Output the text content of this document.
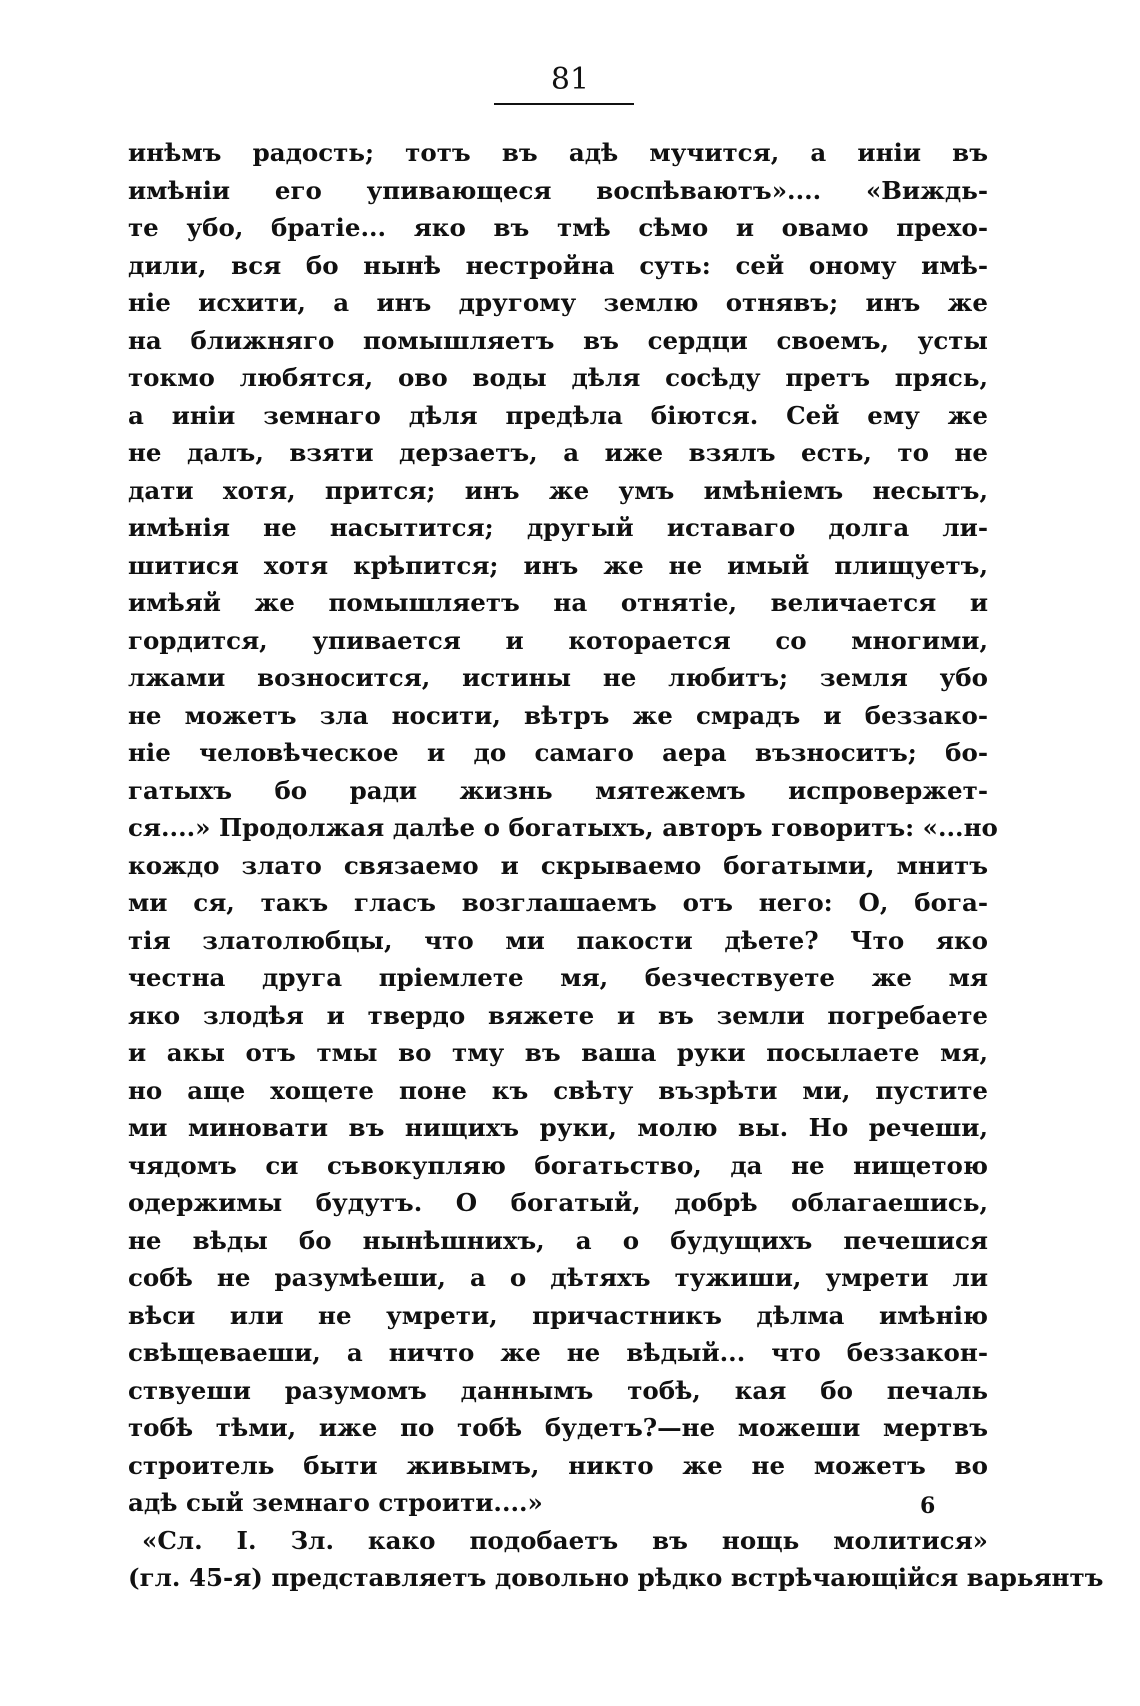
81
инѣмъ радость; тотъ въ адѣ мучится, а иніи въ
имѣніи его упивающеся воспѣваютъ».... «Виждь-
те убо, братіе... яко въ тмѣ сѣмо и овамо прехо-
дили, вся бо нынѣ нестройна суть: сей оному имѣ-
ніе исхити, а инъ другому землю отнявъ; инъ же
на ближняго помышляетъ въ сердци своемъ, усты
токмо любятся, ово воды дѣля сосѣду претъ прясь,
а иніи земнаго дѣля предѣла біются. Сей ему же
не далъ, взяти дерзаетъ, а иже взялъ есть, то не
дати хотя, прится; инъ же умъ имѣніемъ несытъ,
имѣнія не насытится; другый иставаго долга ли-
шитися хотя крѣпится; инъ же не имый плищуетъ,
имѣяй же помышляетъ на отнятіе, величается и
гордится, упивается и которается со многими,
лжами возносится, истины не любитъ; земля убо
не можетъ зла носити, вѣтръ же смрадъ и беззако-
ніе человѣческое и до самаго аера възноситъ; бо-
гатыхъ бо ради жизнь мятежемъ испровержет-
ся....» Продолжая далѣе о богатыхъ, авторъ говоритъ: «...но
кождо злато связаемо и скрываемо богатыми, мнитъ
ми ся, такъ гласъ возглашаемъ отъ него: О, бога-
тія златолюбцы, что ми пакости дѣете? Что яко
честна друга пріемлете мя, безчествуете же мя
яко злодѣя и твердо вяжете и въ земли погребаете
и акы отъ тмы во тму въ ваша руки посылаете мя,
но аще хощете поне къ свѣту възрѣти ми, пустите
ми миновати въ нищихъ руки, молю вы. Но речеши,
чядомъ си съвокупляю богатьство, да не нищетою
одержимы будутъ. О богатый, добрѣ облагаешись,
не вѣды бо нынѣшнихъ, а о будущихъ печешися
собѣ не разумѣеши, а о дѣтяхъ тужиши, умрети ли
вѣси или не умрети, причастникъ дѣлма имѣнію
свѣщеваеши, а ничто же не вѣдый... что беззакон-
ствуеши разумомъ даннымъ тобѣ, кая бо печаль
тобѣ тѣми, иже по тобѣ будетъ?—не можеши мертвъ
строитель быти живымъ, никто же не можетъ во
адѣ сый земнаго строити....»
«Сл. I. Зл. како подобаетъ въ нощь молитися»
(гл. 45-я) представляетъ довольно рѣдко встрѣчающійся варьянтъ
6
